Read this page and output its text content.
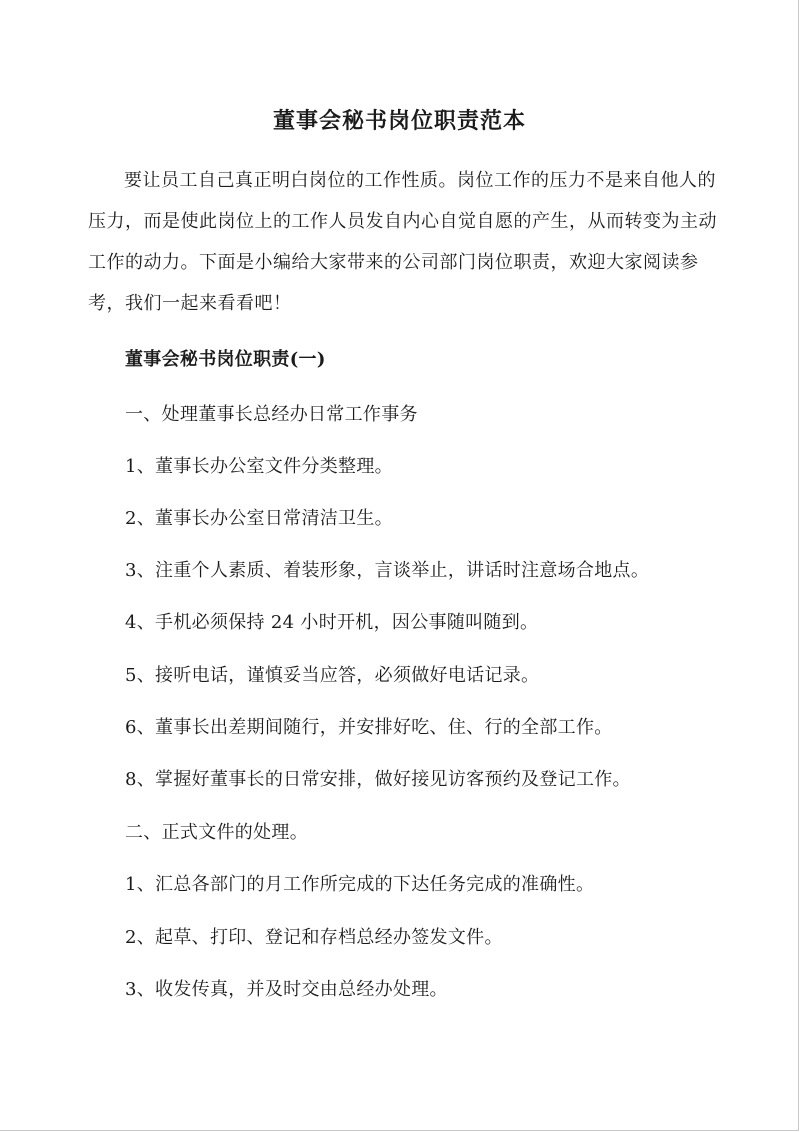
董事会秘书岗位职责范本

要让员工自己真正明白岗位的工作性质。岗位工作的压力不是来自他人的压力，而是使此岗位上的工作人员发自内心自觉自愿的产生，从而转变为主动工作的动力。下面是小编给大家带来的公司部门岗位职责，欢迎大家阅读参考，我们一起来看看吧！

董事会秘书岗位职责(一)
一、处理董事长总经办日常工作事务
1、董事长办公室文件分类整理。
2、董事长办公室日常清洁卫生。
3、注重个人素质、着装形象，言谈举止，讲话时注意场合地点。
4、手机必须保持 24 小时开机，因公事随叫随到。
5、接听电话，谨慎妥当应答，必须做好电话记录。
6、董事长出差期间随行，并安排好吃、住、行的全部工作。
8、掌握好董事长的日常安排，做好接见访客预约及登记工作。
二、正式文件的处理。
1、汇总各部门的月工作所完成的下达任务完成的准确性。
2、起草、打印、登记和存档总经办签发文件。
3、收发传真，并及时交由总经办处理。
